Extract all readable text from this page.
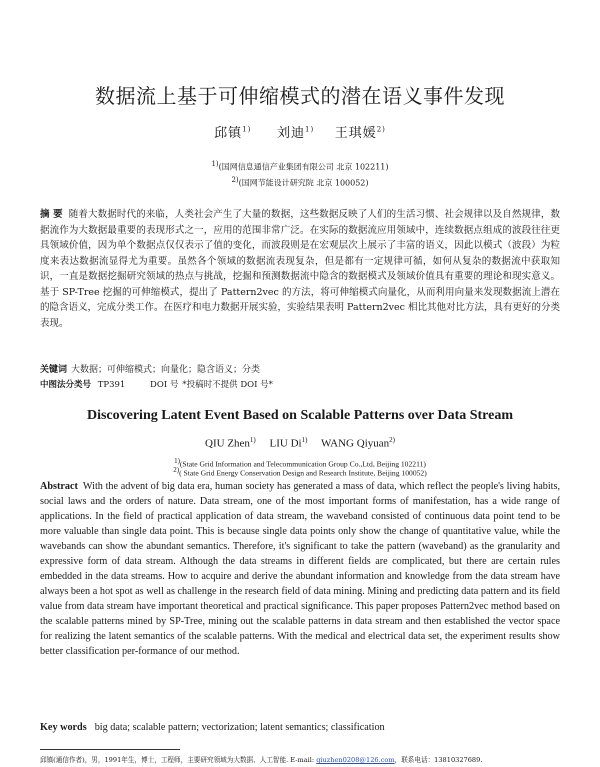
数据流上基于可伸缩模式的潜在语义事件发现
邱镇$^{1)}$ 刘迪$^{1)}$ 王琪媛$^{2)}$
$^{1)}$(国网信息通信产业集团有限公司 北京 102211)
$^{2)}$(国网节能设计研究院 北京 100052)
摘 要 随着大数据时代的来临，人类社会产生了大量的数据，这些数据反映了人们的生活习惯、社会规律以及自然规律，数据流作为大数据最重要的表现形式之一，应用的范围非常广泛。在实际的数据流应用领域中，连续数据点组成的波段往往更具领域价值，因为单个数据点仅仅表示了值的变化，而波段则是在宏观层次上展示了丰富的语义，因此以模式（波段）为粒度来表达数据流显得尤为重要。虽然各个领域的数据流表现复杂，但是都有一定规律可循，如何从复杂的数据流中获取知识，一直是数据挖掘研究领域的热点与挑战，挖掘和预测数据流中隐含的数据模式及领域价值具有重要的理论和现实意义。基于 SP-Tree 挖掘的可伸缩模式，提出了 Pattern2vec 的方法，将可伸缩模式向量化，从而利用向量来发现数据流上潜在的隐含语义，完成分类工作。在医疗和电力数据开展实验，实验结果表明 Pattern2vec 相比其他对比方法，具有更好的分类表现。
关键词 大数据；可伸缩模式；向量化；隐含语义；分类
中图法分类号 TP391	DOI 号 *投稿时不提供 DOI 号*
Discovering Latent Event Based on Scalable Patterns over Data Stream
QIU Zhen$^{1)}$ LIU Di$^{1)}$ WANG Qiyuan$^{2)}$
$^{1)}$(State Grid Information and Telecommunication Group Co.,Ltd, Beijing 102211)
Abstract With the advent of big data era, human society has generated a mass of data, which reflect the people's living habits, social laws and the orders of nature. Data stream, one of the most important forms of manifestation, has a wide range of applications. In the field of practical application of data stream, the waveband consisted of continuous data point tend to be more valuable than single data point. This is because single data points only show the change of quantitative value, while the wavebands can show the abundant semantics. Therefore, it's significant to take the pattern (waveband) as the granularity and expressive form of data stream. Although the data streams in different fields are complicated, but there are certain rules embedded in the data streams. How to acquire and derive the abundant information and knowledge from the data stream have always been a hot spot as well as challenge in the research field of data mining. Mining and predicting data pattern and its field value from data stream have important theoretical and practical significance. This paper proposes Pattern2vec method based on the scalable patterns mined by SP-Tree, mining out the scalable patterns in data stream and then established the vector space for realizing the latent semantics of the scalable patterns. With the medical and electrical data set, the experiment results show better classification per-formance of our method.
Key words big data; scalable pattern; vectorization; latent semantics; classification
邱镇(通信作者)，男，1991年生，博士，工程师，主要研究领域为大数据、人工智能. E-mail: qiuzhen0208@126.com，联系电话：13810327689.
$^{2)}$( State Grid Energy Conservation Design and Research Institute, Beijing 100052)
